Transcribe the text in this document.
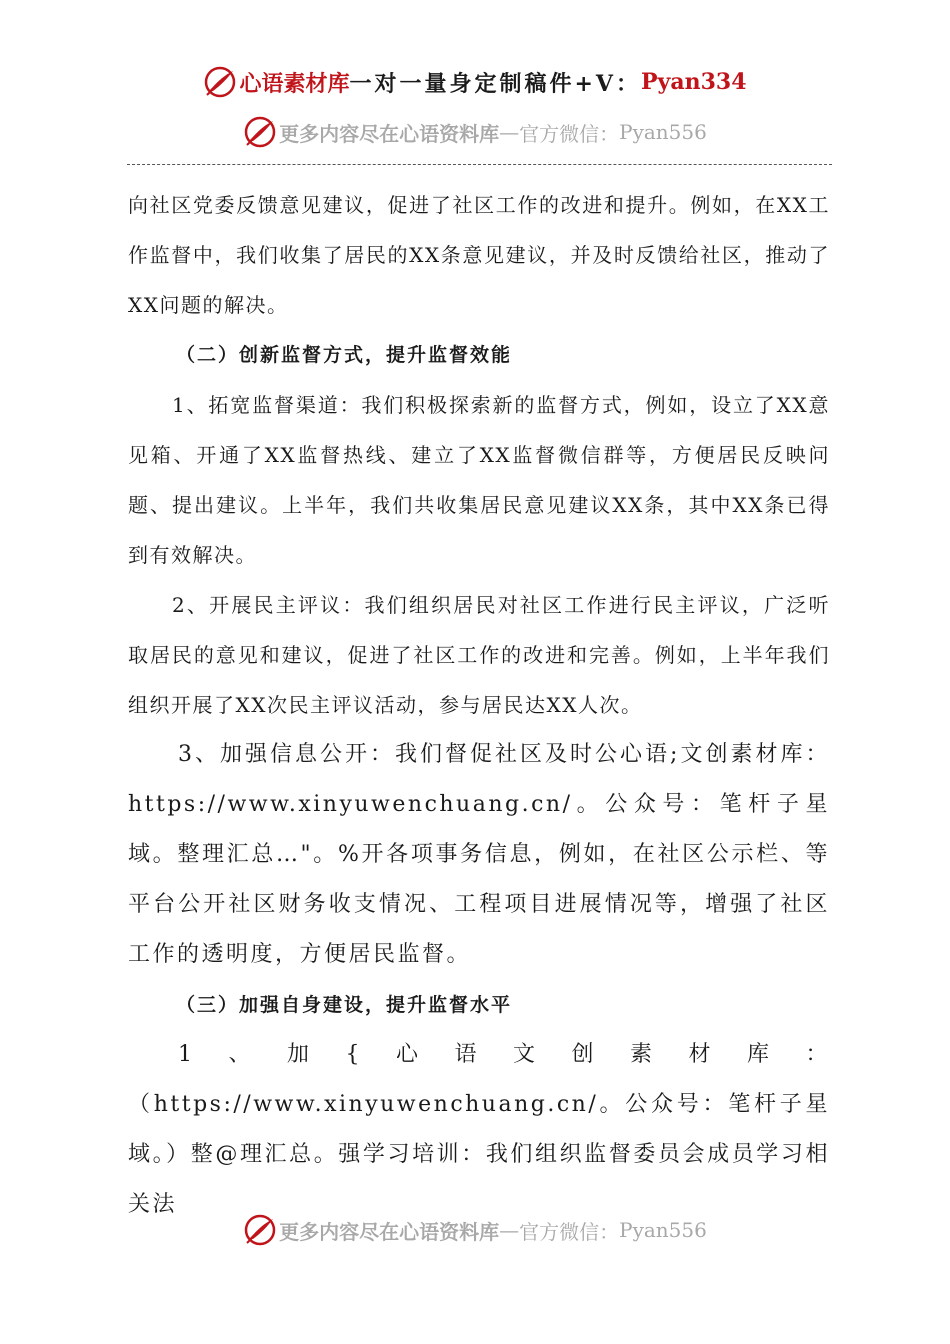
心语素材库 一对一量身定制稿件+V： Pyan334
更多内容尽在心语资料库 — 官方微信： Pyan556

向社区党委反馈意见建议，促进了社区工作的改进和提升。例如，在XX工作监督中，我们收集了居民的XX条意见建议，并及时反馈给社区，推动了XX问题的解决。

（二）创新监督方式，提升监督效能

1、拓宽监督渠道：我们积极探索新的监督方式，例如，设立了XX意见箱、开通了XX监督热线、建立了XX监督微信群等，方便居民反映问题、提出建议。上半年，我们共收集居民意见建议XX条，其中XX条已得到有效解决。

2、开展民主评议：我们组织居民对社区工作进行民主评议，广泛听取居民的意见和建议，促进了社区工作的改进和完善。例如，上半年我们组织开展了XX次民主评议活动，参与居民达XX人次。

3、加强信息公开：我们督促社区及时公心语;文创素材库：https://www.xinyuwenchuang.cn/。公众号：笔杆子星域。整理汇总…"。%开各项事务信息，例如，在社区公示栏、等平台公开社区财务收支情况、工程项目进展情况等，增强了社区工作的透明度，方便居民监督。

（三）加强自身建设，提升监督水平

1、加{心语文创素材库：（https://www.xinyuwenchuang.cn/。公众号：笔杆子星域。）整@理汇总。强学习培训：我们组织监督委员会成员学习相关法

更多内容尽在心语资料库 — 官方微信： Pyan556
